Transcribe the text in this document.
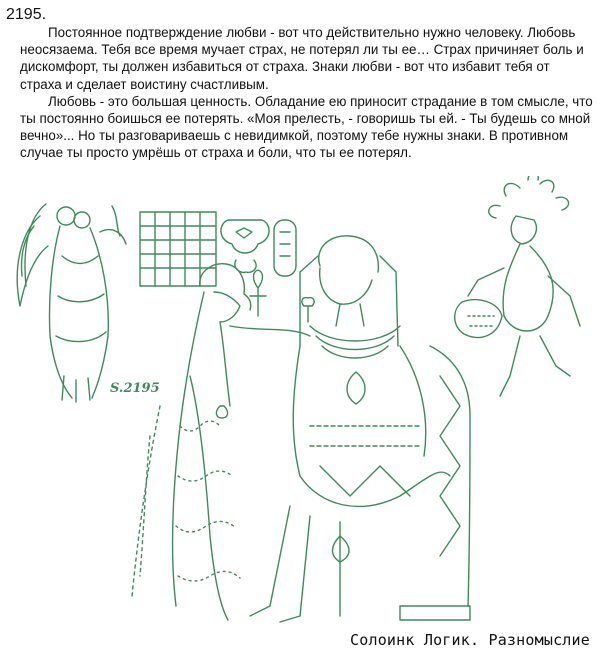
2195.

Постоянное подтверждение любви - вот что действительно нужно человеку. Любовь неосязаема. Тебя все время мучает страх, не потерял ли ты ее… Страх причиняет боль и дискомфорт, ты должен избавиться от страха. Знаки любви - вот что избавит тебя от страха и сделает воистину счастливым.

Любовь - это большая ценность. Обладание ею приносит страдание в том смысле, что ты постоянно боишься ее потерять. «Моя прелесть, - говоришь ты ей. - Ты будешь со мной вечно»... Но ты разговариваешь с невидимкой, поэтому тебе нужны знаки. В противном случае ты просто умрёшь от страха и боли, что ты ее потерял.

S.2195
Солоинк Логик. Разномыслие
